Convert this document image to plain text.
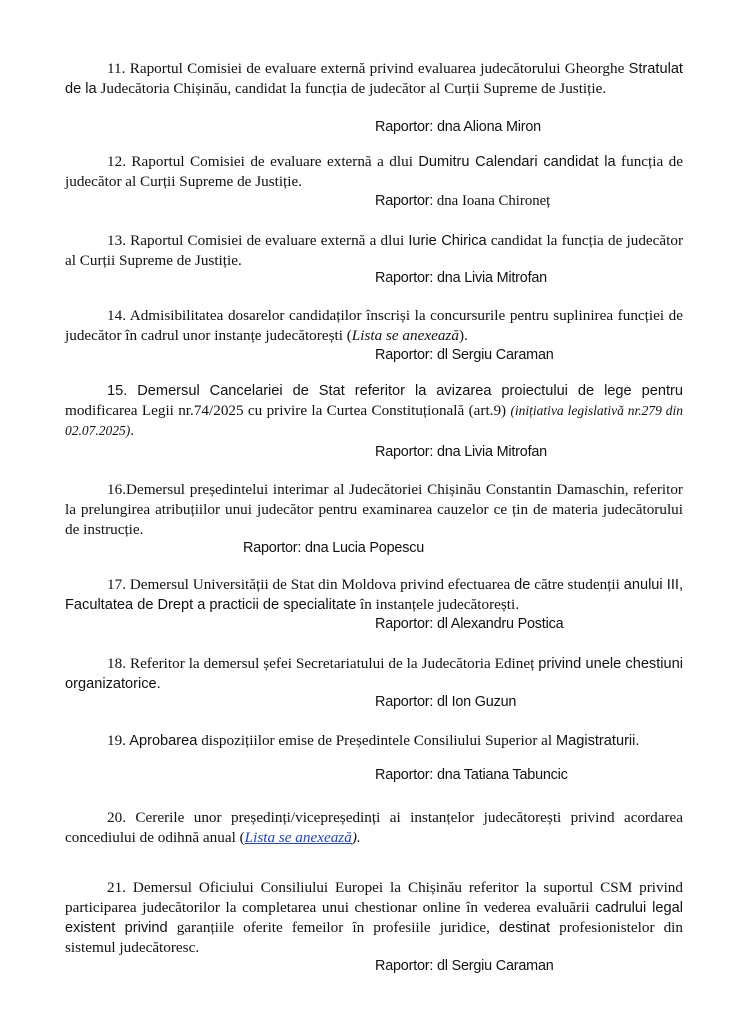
11. Raportul Comisiei de evaluare externă privind evaluarea judecătorului Gheorghe Stratulat de la Judecătoria Chișinău, candidat la funcția de judecător al Curții Supreme de Justiție.

Raportor: dna Aliona Miron

12. Raportul Comisiei de evaluare externă a dlui Dumitru Calendari candidat la funcția de judecător al Curții Supreme de Justiție.

Raportor: dna Ioana Chironeț

13. Raportul Comisiei de evaluare externă a dlui Iurie Chirica candidat la funcția de judecător al Curții Supreme de Justiție.

Raportor: dna Livia Mitrofan

14. Admisibilitatea dosarelor candidaților înscriși la concursurile pentru suplinirea funcției de judecător în cadrul unor instanțe judecătorești (Lista se anexează).

Raportor: dl Sergiu Caraman

15. Demersul Cancelariei de Stat referitor la avizarea proiectului de lege pentru modificarea Legii nr.74/2025 cu privire la Curtea Constituțională (art.9) (inițiativa legislativă nr.279 din 02.07.2025).

Raportor: dna Livia Mitrofan

16.Demersul președintelui interimar al Judecătoriei Chișinău Constantin Damaschin, referitor la prelungirea atribuțiilor unui judecător pentru examinarea cauzelor ce țin de materia judecătorului de instrucție.

Raportor: dna Lucia Popescu

17. Demersul Universității de Stat din Moldova privind efectuarea de către studenții anului III, Facultatea de Drept a practicii de specialitate în instanțele judecătorești.

Raportor: dl Alexandru Postica

18. Referitor la demersul șefei Secretariatului de la Judecătoria Edineț privind unele chestiuni organizatorice.

Raportor: dl Ion Guzun

19. Aprobarea dispozițiilor emise de Președintele Consiliului Superior al Magistraturii.

Raportor: dna Tatiana Tabuncic

20. Cererile unor președinți/vicepreședinți ai instanțelor judecătorești privind acordarea concediului de odihnă anual (Lista se anexează).

21. Demersul Oficiului Consiliului Europei la Chișinău referitor la suportul CSM privind participarea judecătorilor la completarea unui chestionar online în vederea evaluării cadrului legal existent privind garanțiile oferite femeilor în profesiile juridice, destinat profesionistelor din sistemul judecătoresc.

Raportor: dl Sergiu Caraman
